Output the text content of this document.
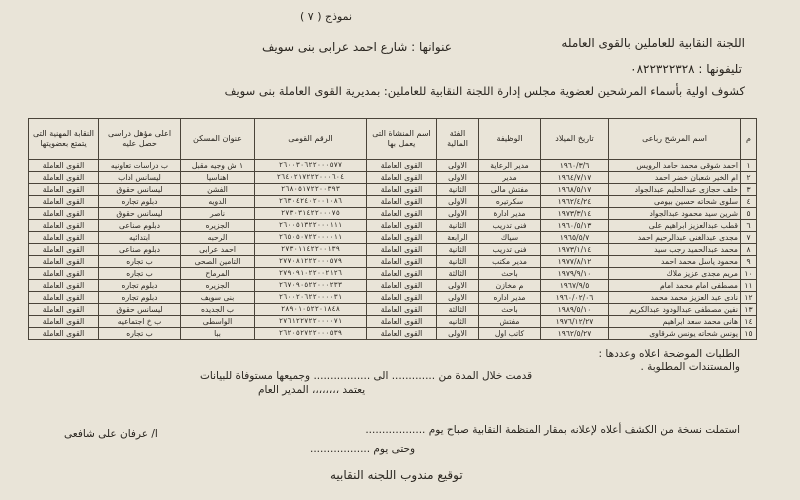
نموذج ( ٧ )
اللجنة النقابية للعاملين بالقوى العامله
عنوانها : شارع احمد عرابى بنى سويف
تليفونها : ٠٨٢٢٣٢٢٣٢٨
كشوف اولية بأسماء المرشحين لعضوية مجلس إدارة اللجنة النقابية للعاملين: بمديرية القوى العاملة بنى سويف
م	اسم المرشح رباعى	تاريخ الميلاد	الوظيفة	الفئة المالية	اسم المنشاة التى يعمل بها	الرقم القومى	عنوان المسكن	اعلى مؤهل دراسى حصل عليه	النقابة المهنية التى يتمتع بعضويتها
١	احمد شوقى محمد حامد الرويس	١٩٦٠/٣/٦	مدير الرعاية	الاولى	القوى العاملة	٢٦٠٠٣٠٦٢٢٠٠٠٥٧٧	١ ش وجيه مقبل	ب دراسات تعاونيه	القوى العاملة
٢	ام الخير شعبان خضر احمد	١٩٦٤/٧/١٧	مدير	الاولى	القوى العاملة	٢٦٤٠٢١٧٢٢٢٠٠٠٦٠٤	اهناسيا	ليسانس اداب	القوى العاملة
٣	خلف حجازى عبدالحليم عبدالجواد	١٩٦٨/٥/١٧	مفتش مالى	الثانية	القوى العاملة	٢٦٨٠٥١٧٢٢٠٠٣٩٣	الفشن	ليسانس حقوق	القوى العاملة
٤	سلوى شحاته حسين بيومى	١٩٦٢/٤/٢٤	سكرتيره	الاولى	القوى العاملة	٢٦٣٠٤٢٤٠٢٠٠١٠٨٦	الدويه	دبلوم تجاره	القوى العاملة
٥	شرين سيد محمود عبدالجواد	١٩٧٣/٣/١٤	مدير ادارة	الاولى	القوى العاملة	٢٧٣٠٣١٤٢٢٠٠٠٧٥	ناصر	ليسانس حقوق	القوى العاملة
٦	قطب عبدالعزيز ابراهيم على	١٩٦٠/٥/١٣	فنى تدريب	الثانية	القوى العاملة	٢٦٠٠٥١٣٢٢٠٠٠١١١	الجزيره	دبلوم صناعى	القوى العاملة
٧	مجدى عبدالغنى عبدالرحيم احمد	١٩٦٥/٥/٧	سياك	الرابعة	القوى العاملة	٢٦٥٠٥٠٧٢٢٠٠٠٠١١	الرحبه	ابتدائيه	القوى العاملة
٨	محمد عبدالحميد رجب سيد	١٩٧٣/١/١٤	فنى تدريب	الثانية	القوى العاملة	٢٧٣٠١١٤٢٢٠٠١٣٩	احمد عرابى	دبلوم صناعى	القوى العاملة
٩	محمود ياسل محمد احمد	١٩٧٧/٨/١٢	مدير مكتب	الثانية	القوى العاملة	٢٧٧٠٨١٢٢٢٠٠٠٥٧٩	التامين الصحى	ب تجاره	القوى العاملة
١٠	مريم مجدى عزيز ملاك	١٩٧٩/٩/١٠	باحث	الثالثة	القوى العاملة	٢٧٩٠٩١٠٢٢٠٠٢١٢٦	المرماح	ب تجاره	القوى العاملة
١١	مصطفى امام محمد امام	١٩٦٧/٩/٥	م مخازن	الاولى	القوى العاملة	٢٦٧٠٩٠٥٢٢٠٠٠٢٣٣	الجزيره	دبلوم تجاره	القوى العاملة
١٢	نادى عبد العزيز محمد محمد	١٩٦٠/٠٢/٠٦	مدير اداره	الاولى	القوى العاملة	٢٦٠٠٢٠٦٢٢٠٠٠٠٣١	بنى سويف	دبلوم تجاره	القوى العاملة
١٣	نفين مصطفى عبدالودود عبدالكريم	١٩٨٩/٥/١٠	باحث	الثالثة	القوى العاملة	٢٨٩٠١٠٥٢٢٠١٨٤٨	ب الجديده	ليسانس حقوق	القوى العاملة
١٤	هانى محمد سعد ابراهيم	١٩٧٦/١٢/٢٧	مفتش	الثانيه	القوى العاملة	٢٧٦١٢٢٧٢٢٠٠٠٠٧١	الواسطى	ب خ اجتماعيه	القوى العاملة
١٥	يونس شحاته يونس شرقاوى	١٩٦٢/٥/٢٧	كاتب اول	الاولى	القوى العاملة	٢٦٢٠٥٢٧٢٢٠٠٠٥٣٩	ببا	ب تجاره	القوى العاملة
الطلبات الموضحة اعلاه وعددها :
والمستندات المطلوبة .
قدمت خلال المدة من ............. الى ................. وجميعها مستوفاة للبيانات
يعتمد ،،،،،،،، المدير العام
ا/ عرفان على شافعى	استملت نسخة من الكشف أعلاه لإعلانه بمقار المنظمة النقابية صباح يوم ..................
وحتى يوم ..................
توقيع مندوب اللجنه النقابيه
